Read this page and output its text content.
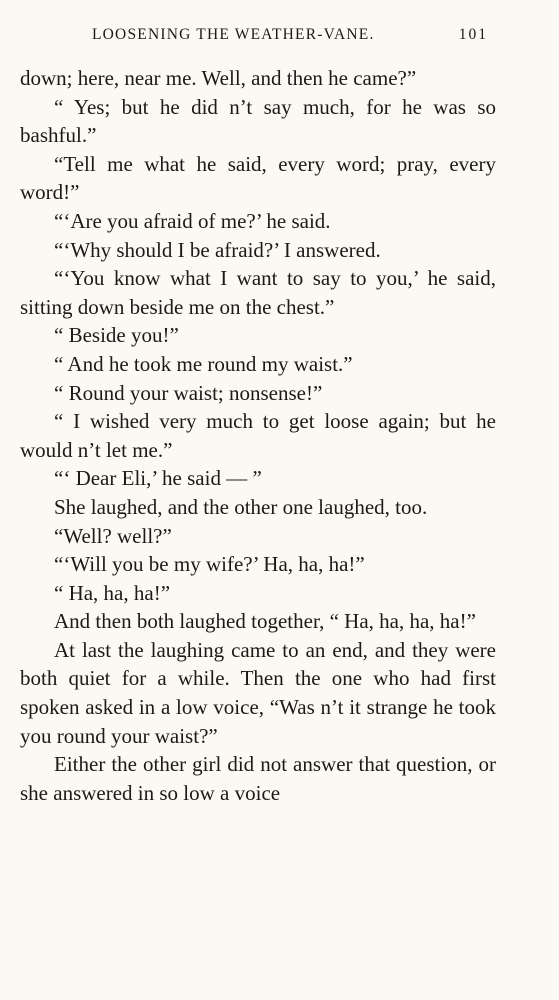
LOOSENING THE WEATHER-VANE.	101

down; here, near me. Well, and then he came?”

“ Yes; but he did n’t say much, for he was so bashful.”

“Tell me what he said, every word; pray, every word!”

“‘Are you afraid of me?’ he said.

“‘Why should I be afraid?’ I answered.

“‘You know what I want to say to you,’ he said, sitting down beside me on the chest.”

“ Beside you!”

“ And he took me round my waist.”

“ Round your waist; nonsense!”

“ I wished very much to get loose again; but he would n’t let me.”

“‘ Dear Eli,’ he said — ”

She laughed, and the other one laughed, too.

“Well? well?”

“‘Will you be my wife?’ Ha, ha, ha!”

“ Ha, ha, ha!”

And then both laughed together, “ Ha, ha, ha, ha!”

At last the laughing came to an end, and they were both quiet for a while. Then the one who had first spoken asked in a low voice, “Was n’t it strange he took you round your waist?”

Either the other girl did not answer that question, or she answered in so low a voice
